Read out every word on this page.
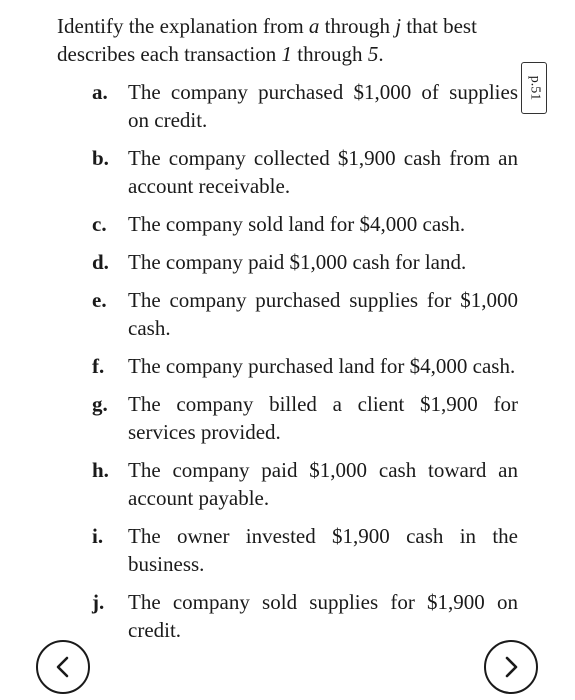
Identify the explanation from a through j that best describes each transaction 1 through 5.
p.51
a. The company purchased $1,000 of supplies on credit.
b. The company collected $1,900 cash from an account receivable.
c.	The company sold land for $4,000 cash.
d. The company paid $1,000 cash for land.
e.	The company purchased supplies for $1,000 cash.
f.	The company purchased land for $4,000 cash.
g. The company billed a client $1,900 for services provided.
h. The company paid $1,000 cash toward an account payable.
i.	The owner invested $1,900 cash in the business.
j.	The company sold supplies for $1,900 on credit.
